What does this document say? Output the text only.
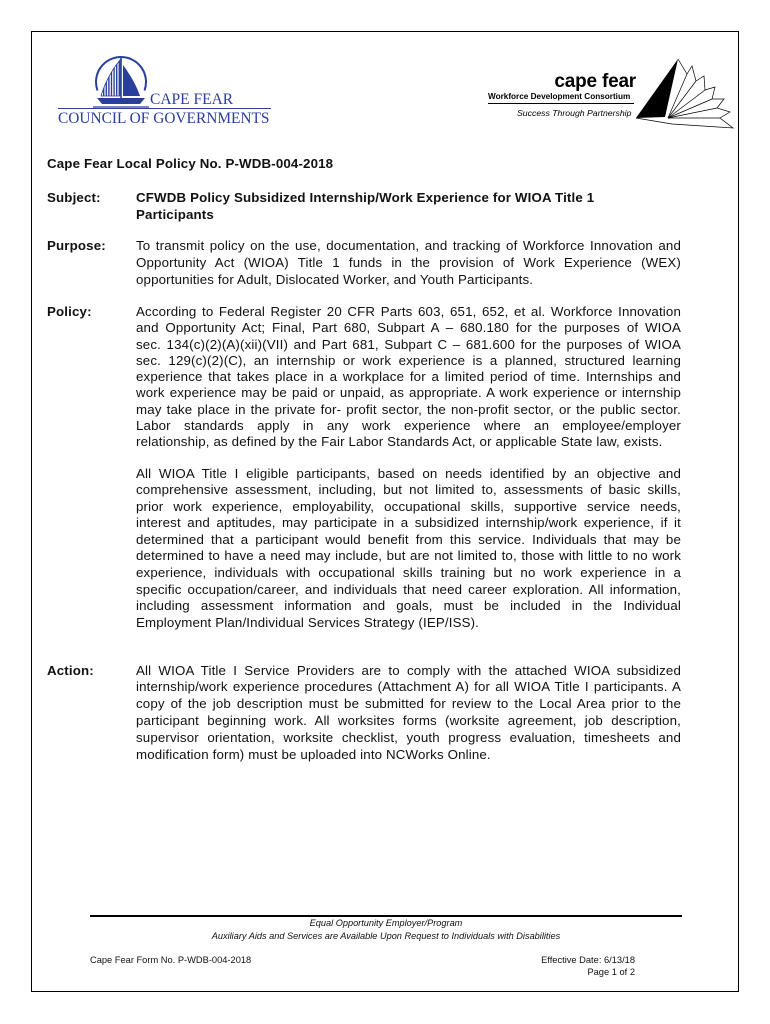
CAPE FEAR
COUNCIL OF GOVERNMENTS
cape fear
Workforce Development Consortium
Success Through Partnership
Cape Fear Local Policy No. P-WDB-004-2018
Subject:	CFWDB Policy Subsidized Internship/Work Experience for WIOA Title 1
Participants
Purpose: To transmit policy on the use, documentation, and tracking of Workforce Innovation and
Opportunity Act (WIOA) Title 1 funds in the provision of Work Experience (WEX)
opportunities for Adult, Dislocated Worker, and Youth Participants.
Policy:	According to Federal Register 20 CFR Parts 603, 651, 652, et al. Workforce Innovation
and Opportunity Act; Final, Part 680, Subpart A – 680.180 for the purposes of WIOA
sec. 134(c)(2)(A)(xii)(VII) and Part 681, Subpart C – 681.600 for the purposes of WIOA
sec. 129(c)(2)(C), an internship or work experience is a planned, structured learning
experience that takes place in a workplace for a limited period of time. Internships and
work experience may be paid or unpaid, as appropriate. A work experience or internship
may take place in the private for- profit sector, the non-profit sector, or the public sector.
Labor standards apply in any work experience where an employee/employer
relationship, as defined by the Fair Labor Standards Act, or applicable State law, exists.
All WIOA Title I eligible participants, based on needs identified by an objective and
comprehensive assessment, including, but not limited to, assessments of basic skills,
prior work experience, employability, occupational skills, supportive service needs,
interest and aptitudes, may participate in a subsidized internship/work experience, if it
determined that a participant would benefit from this service. Individuals that may be
determined to have a need may include, but are not limited to, those with little to no work
experience, individuals with occupational skills training but no work experience in a
specific occupation/career, and individuals that need career exploration. All information,
including assessment information and goals, must be included in the Individual
Employment Plan/Individual Services Strategy (IEP/ISS).
Action:	All WIOA Title I Service Providers are to comply with the attached WIOA subsidized
internship/work experience procedures (Attachment A) for all WIOA Title I participants. A
copy of the job description must be submitted for review to the Local Area prior to the
participant beginning work. All worksites forms (worksite agreement, job description,
supervisor orientation, worksite checklist, youth progress evaluation, timesheets and
modification form) must be uploaded into NCWorks Online.
Equal Opportunity Employer/Program
Auxiliary Aids and Services are Available Upon Request to Individuals with Disabilities
Cape Fear Form No. P-WDB-004-2018	Effective Date: 6/13/18
Page 1 of 2
